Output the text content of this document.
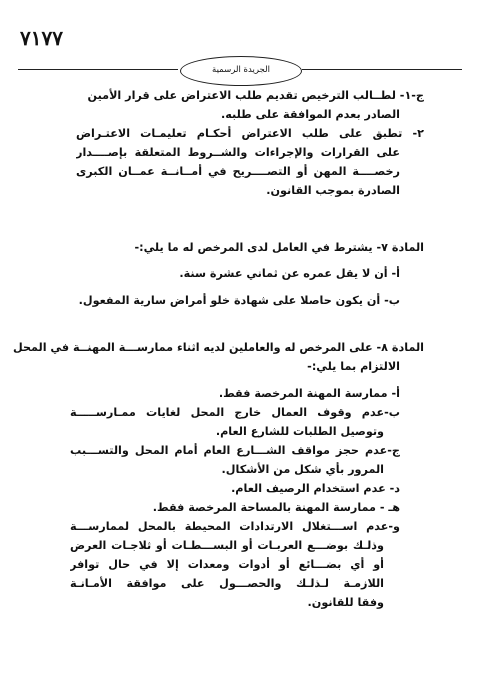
٧١٧٧
الجريدة الرسمية
ج-١- لطــالب الترخيص تقديم طلب الاعتراض على قرار الأمين
الصادر بعدم الموافقة على طلبه.
٢- تطبق على طلب الاعتراض أحكـام تعليمـات الاعتـراض
على القرارات والإجراءات والشــروط المتعلقة بإصــــدار
رخصــــة المهن أو التصــــريح في أمــانــة عمــان الكبرى
الصادرة بموجب القانون.
المادة ٧- يشترط في العامل لدى المرخص له ما يلي:-
أ- أن لا يقل عمره عن ثماني عشرة سنة.
ب- أن يكون حاصلا على شهادة خلو أمراض سارية المفعول.
المادة ٨- على المرخص له والعاملين لديه اثناء ممارســـة المهنــة في المحل
الالتزام بما يلي:-
أ- ممارسة المهنة المرخصة فقط.
ب-عدم وقوف العمال خارج المحل لغايات ممـارســـــة
وتوصيل الطلبات للشارع العام.
ج-عدم حجز مواقف الشـــارع العام أمام المحل والتســـبب
المرور بأي شكل من الأشكال.
د- عدم استخدام الرصيف العام.
هـ - ممارسة المهنة بالمساحة المرخصة فقط.
و-عدم اســـتغلال الارتدادات المحيطة بالمحل لممارســـة
وذلـك بوضـــع العربـات أو البســـطـات أو ثلاجـات العرض
أو أي بضـــائع أو أدوات ومعدات إلا في حال توافر
اللازمـة لـذلـك والحصـــول على موافقة الأمـانـة
وفقا للقانون.
